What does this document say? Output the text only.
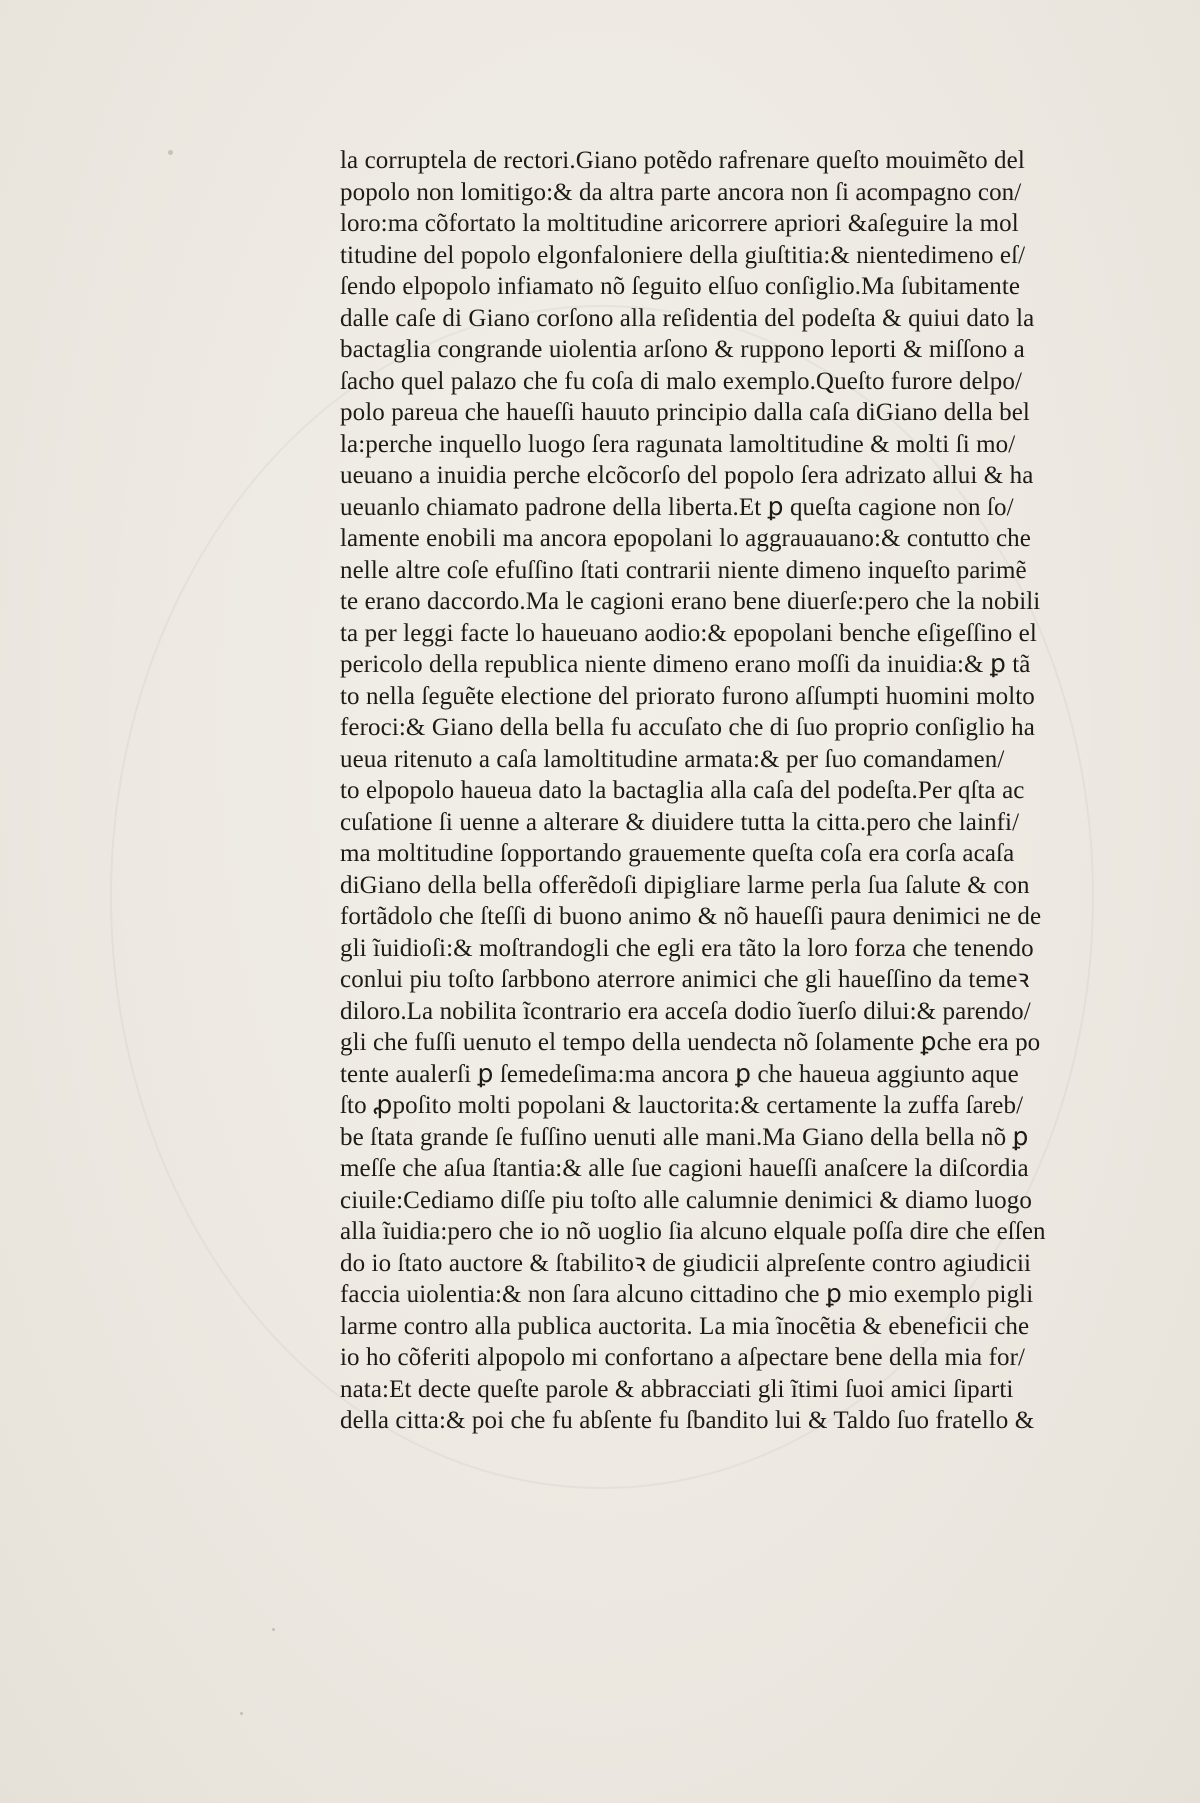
la corruptela de rectori.Giano potẽdo rafrenare queſto mouimẽto del
popolo non lomitigo:& da altra parte ancora non ſi acompagno con/
loro:ma cõfortato la moltitudine aricorrere apriori &aſeguire la mol
titudine del popolo elgonfaloniere della giuſtitia:& nientedimeno eſ/
ſendo elpopolo infiamato nõ ſeguito elſuo conſiglio.Ma ſubitamente
dalle caſe di Giano corſono alla reſidentia del podeſta & quiui dato la
bactaglia congrande uiolentia arſono & ruppono leporti & miſſono a
ſacho quel palazo che fu coſa di malo exemplo.Queſto furore delpo/
polo pareua che haueſſi hauuto principio dalla caſa diGiano della bel
la:perche inquello luogo ſera ragunata lamoltitudine & molti ſi mo/
ueuano a inuidia perche elcõcorſo del popolo ſera adrizato allui & ha
ueuanlo chiamato padrone della liberta.Et ꝑ queſta cagione non ſo/
lamente enobili ma ancora epopolani lo aggrauauano:& contutto che
nelle altre coſe efuſſino ſtati contrarii niente dimeno inqueſto parimẽ
te erano daccordo.Ma le cagioni erano bene diuerſe:pero che la nobili
ta per leggi facte lo haueuano aodio:& epopolani benche eſigeſſino el
pericolo della republica niente dimeno erano moſſi da inuidia:& ꝑ tã
to nella ſeguẽte electione del priorato furono aſſumpti huomini molto
feroci:& Giano della bella fu accuſato che di ſuo proprio conſiglio ha
ueua ritenuto a caſa lamoltitudine armata:& per ſuo comandamen/
to elpopolo haueua dato la bactaglia alla caſa del podeſta.Per qſta ac
cuſatione ſi uenne a alterare & diuidere tutta la citta.pero che lainfi/
ma moltitudine ſopportando grauemente queſta coſa era corſa acaſa
diGiano della bella offerẽdoſi dipigliare larme perla ſua ſalute & con
fortãdolo che ſteſſi di buono animo & nõ haueſſi paura denimici ne de
gli ĩuidioſi:& moſtrandogli che egli era tãto la loro forza che tenendo
conlui piu toſto ſarbbono aterrore animici che gli haueſſino da temeꝛ
diloro.La nobilita ĩcontrario era acceſa dodio ĩuerſo dilui:& parendo/
gli che fuſſi uenuto el tempo della uendecta nõ ſolamente ꝑche era po
tente aualerſi ꝑ ſemedeſima:ma ancora ꝑ che haueua aggiunto aque
ſto ꝓpoſito molti popolani & lauctorita:& certamente la zuffa ſareb/
be ſtata grande ſe fuſſino uenuti alle mani.Ma Giano della bella nõ ꝑ
meſſe che aſua ſtantia:& alle ſue cagioni haueſſi anaſcere la diſcordia
ciuile:Cediamo diſſe piu toſto alle calumnie denimici & diamo luogo
alla ĩuidia:pero che io nõ uoglio ſia alcuno elquale poſſa dire che eſſen
do io ſtato auctore & ſtabilitoꝛ de giudicii alpreſente contro agiudicii
faccia uiolentia:& non ſara alcuno cittadino che ꝑ mio exemplo pigli
larme contro alla publica auctorita. La mia ĩnocẽtia & ebeneficii che
io ho cõferiti alpopolo mi confortano a aſpectare bene della mia for/
nata:Et decte queſte parole & abbracciati gli ĩtimi ſuoi amici ſiparti
della citta:& poi che fu abſente fu ſbandito lui & Taldo ſuo fratello &
